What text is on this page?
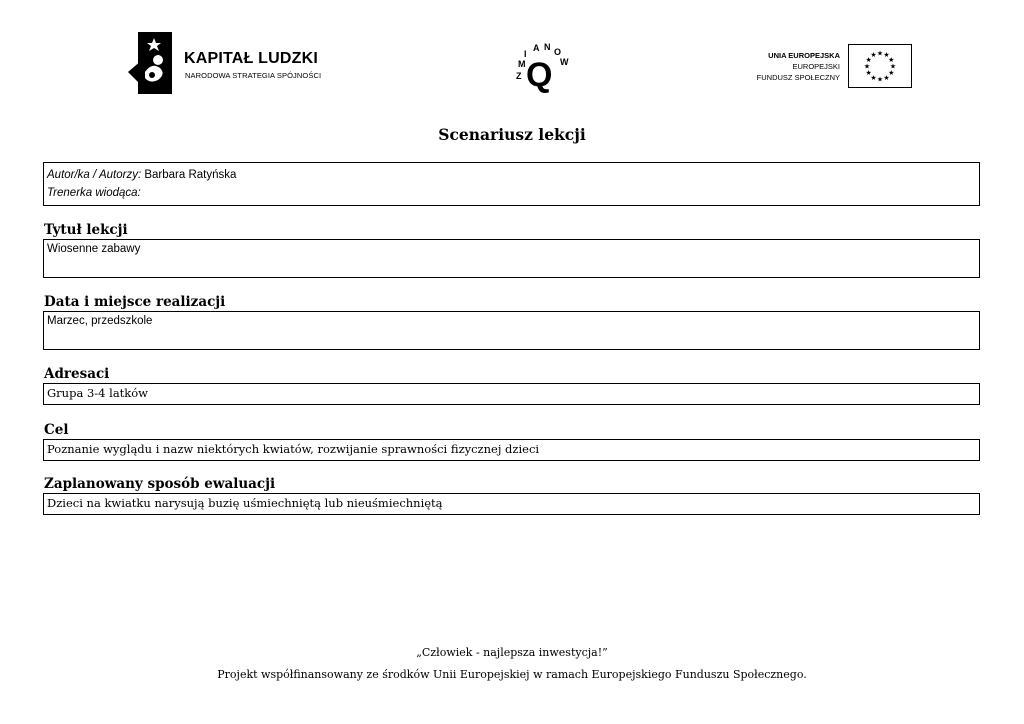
KAPITAŁ LUDZKI
NARODOWA STRATEGIA SPÓJNOŚCI	Z
M
I
A N O
W
Q
UNIA EUROPEJSKA
EUROPEJSKI
FUNDUSZ SPOŁECZNY
★ ★
★
★
★
★
★
★
★
★
★
★
Scenariusz lekcji
Autor/ka / Autorzy: Barbara Ratyńska
Trenerka wiodąca:
Tytuł lekcji
Wiosenne zabawy
Data i miejsce realizacji
Marzec, przedszkole
Adresaci
Grupa 3-4 latków
Cel
Poznanie wyglądu i nazw niektórych kwiatów, rozwijanie sprawności fizycznej dzieci
Zaplanowany sposób ewaluacji
Dzieci na kwiatku narysują buzię uśmiechniętą lub nieuśmiechniętą
„Człowiek - najlepsza inwestycja!”
Projekt współfinansowany ze środków Unii Europejskiej w ramach Europejskiego Funduszu Społecznego.
